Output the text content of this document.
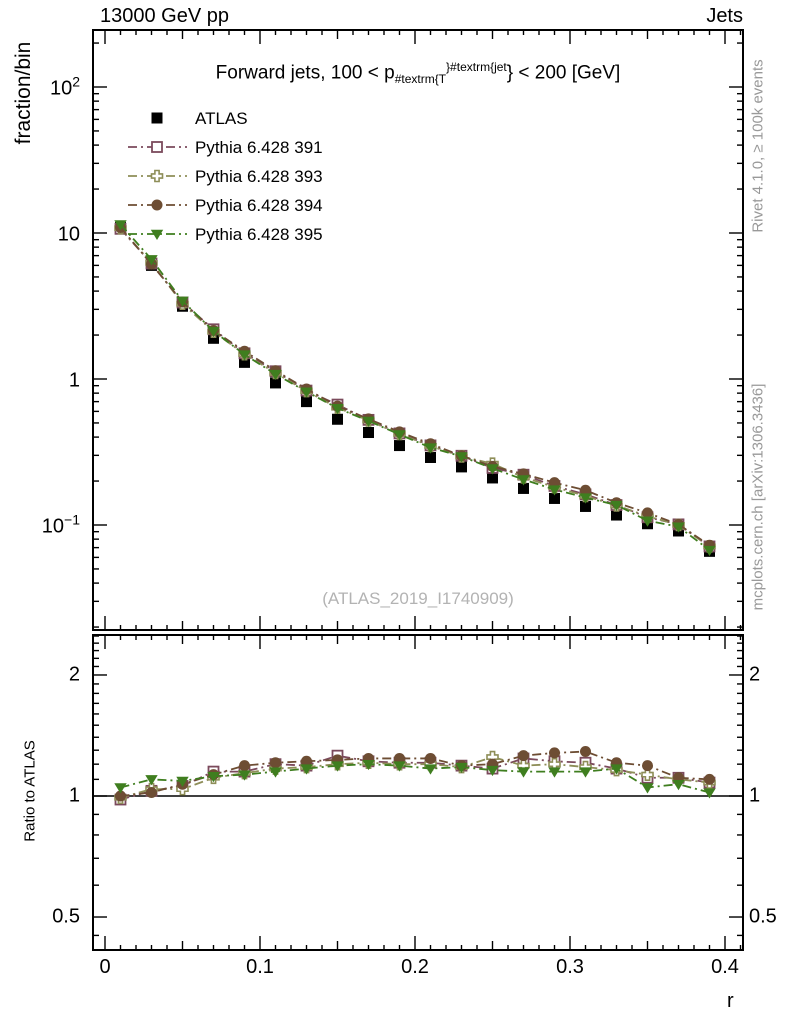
ATLAS
Pythia 6.428 391
Pythia 6.428 393
Pythia 6.428 394
Pythia 6.428 395
13000 GeV pp	Jets
Forward jets, $100 < p_{\#textrm\{T}^{\}\#textrm\{jet}\} < 200$ [GeV]
fraction/bin
Ratio to ATLAS
r
Rivet 4.1.0, ≥ 100k events
mcplots.cern.ch [arXiv:1306.3436]
(ATLAS_2019_I1740909)
0	0.1	0.2	0.3	0.4
$10^2$
10
1
$10^{-1}$
2
1
0.5
2
1
0.5
